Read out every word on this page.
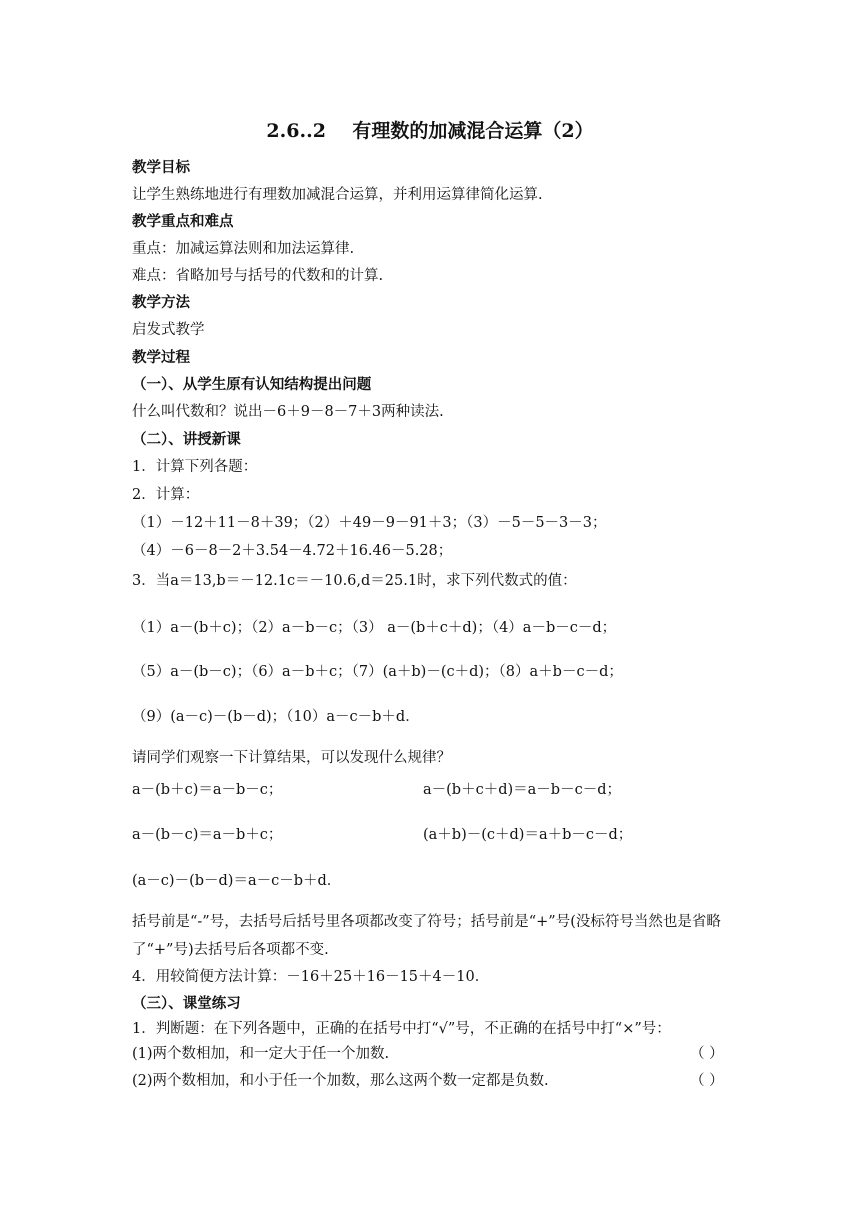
2.6..2    有理数的加减混合运算（2）
教学目标
让学生熟练地进行有理数加减混合运算，并利用运算律简化运算.
教学重点和难点
重点：加减运算法则和加法运算律.
难点：省略加号与括号的代数和的计算.
教学方法
启发式教学
教学过程
（一）、从学生原有认知结构提出问题
什么叫代数和？说出－6＋9－8－7＋3两种读法.
（二）、讲授新课
1．计算下列各题：
2．计算：
（1）－12＋11－8＋39；（2）＋49－9－91＋3；（3）－5－5－3－3；
（4）－6－8－2＋3.54－4.72＋16.46－5.28；
3．当a＝13,b＝－12.1c＝－10.6,d＝25.1时，求下列代数式的值：
（1）a－(b＋c)；（2）a－b－c；（3） a－(b＋c＋d)；（4）a－b－c－d；
（5）a－(b－c)；（6）a－b＋c；（7）(a＋b)－(c＋d)；（8）a＋b－c－d；
（9）(a－c)－(b－d)；（10）a－c－b＋d．
请同学们观察一下计算结果，可以发现什么规律？
a－(b＋c)＝a－b－c；	a－(b＋c＋d)＝a－b－c－d；
a－(b－c)＝a－b＋c；	(a＋b)－(c＋d)＝a＋b－c－d；
(a－c)－(b－d)＝a－c－b＋d．
括号前是“-”号，去括号后括号里各项都改变了符号；括号前是“+”号(没标符号当然也是省略
了“+”号)去括号后各项都不变.
4．用较简便方法计算：－16＋25＋16－15＋4－10．
（三）、课堂练习
1．判断题：在下列各题中，正确的在括号中打“√”号，不正确的在括号中打“×”号：
(1)两个数相加，和一定大于任一个加数.	（ ）
(2)两个数相加，和小于任一个加数，那么这两个数一定都是负数.	（ ）
